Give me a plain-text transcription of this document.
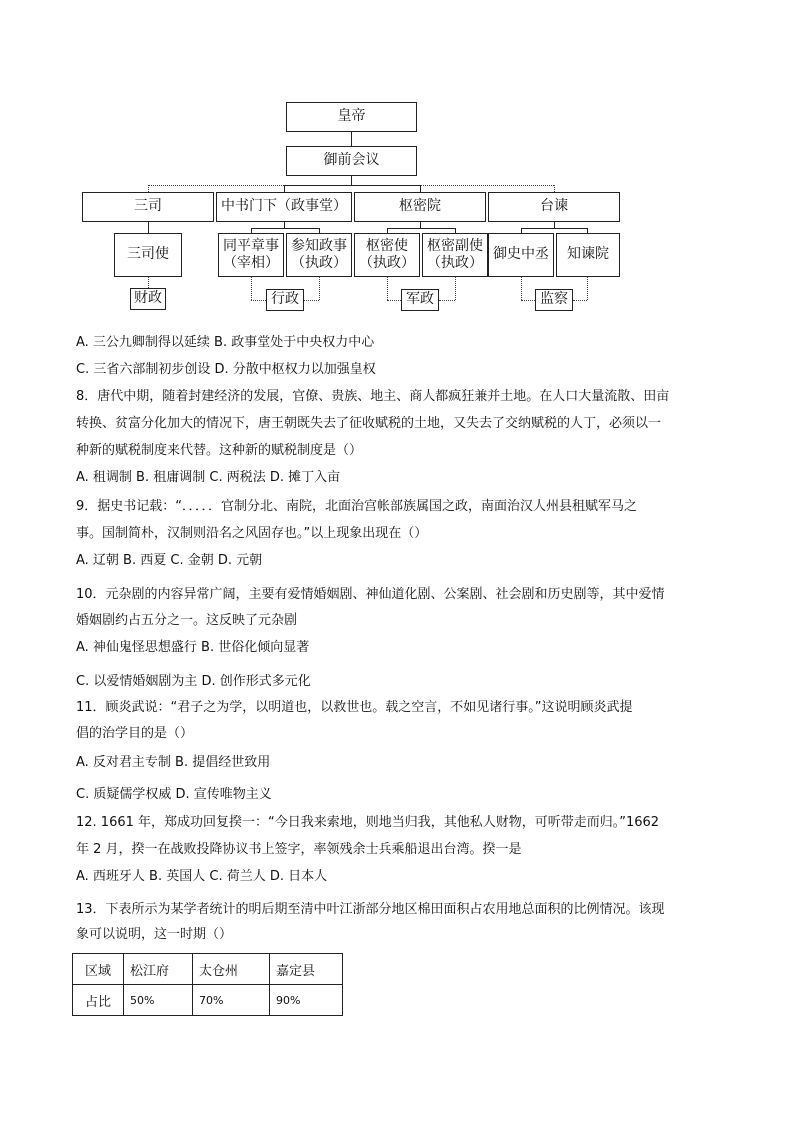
皇帝
御前会议
三司	中书门下（政事堂）	枢密院	台谏
三司使
同平章事
（宰相）
参知政事
（执政）
枢密使
（执政）
枢密副使
（执政）
御史中丞	知谏院
财政	行政	军政	监察
A. 三公九卿制得以延续 B. 政事堂处于中央权力中心
C. 三省六部制初步创设 D. 分散中枢权力以加强皇权
8．唐代中期，随着封建经济的发展，官僚、贵族、地主、商人都疯狂兼并土地。在人口大量流散、田亩
转换、贫富分化加大的情况下，唐王朝既失去了征收赋税的土地，又失去了交纳赋税的人丁，必须以一
种新的赋税制度来代替。这种新的赋税制度是（）
A. 租调制 B. 租庸调制 C. 两税法 D. 摊丁入亩
9．据史书记载：“．．．．．官制分北、南院，北面治宫帐部族属国之政，南面治汉人州县租赋军马之
事。国制简朴，汉制则沿名之风固存也。”以上现象出现在（）
A. 辽朝 B. 西夏 C. 金朝 D. 元朝
10．元杂剧的内容异常广阔，主要有爱情婚姻剧、神仙道化剧、公案剧、社会剧和历史剧等，其中爱情
婚姻剧约占五分之一。这反映了元杂剧
A. 神仙鬼怪思想盛行 B. 世俗化倾向显著
C. 以爱情婚姻剧为主 D. 创作形式多元化
11．顾炎武说：“君子之为学，以明道也，以救世也。载之空言，不如见诸行事。”这说明顾炎武提
倡的治学目的是（）
A. 反对君主专制 B. 提倡经世致用
C. 质疑儒学权威 D. 宣传唯物主义
12. 1661 年，郑成功回复揆一：“今日我来索地，则地当归我，其他私人财物，可听带走而归。”1662
年 2 月，揆一在战败投降协议书上签字，率领残余士兵乘船退出台湾。揆一是
A. 西班牙人 B. 英国人 C. 荷兰人 D. 日本人
13．下表所示为某学者统计的明后期至清中叶江浙部分地区棉田面积占农用地总面积的比例情况。该现
象可以说明，这一时期（）
区域	松江府	太仓州	嘉定县
占比	50%	70%	90%
